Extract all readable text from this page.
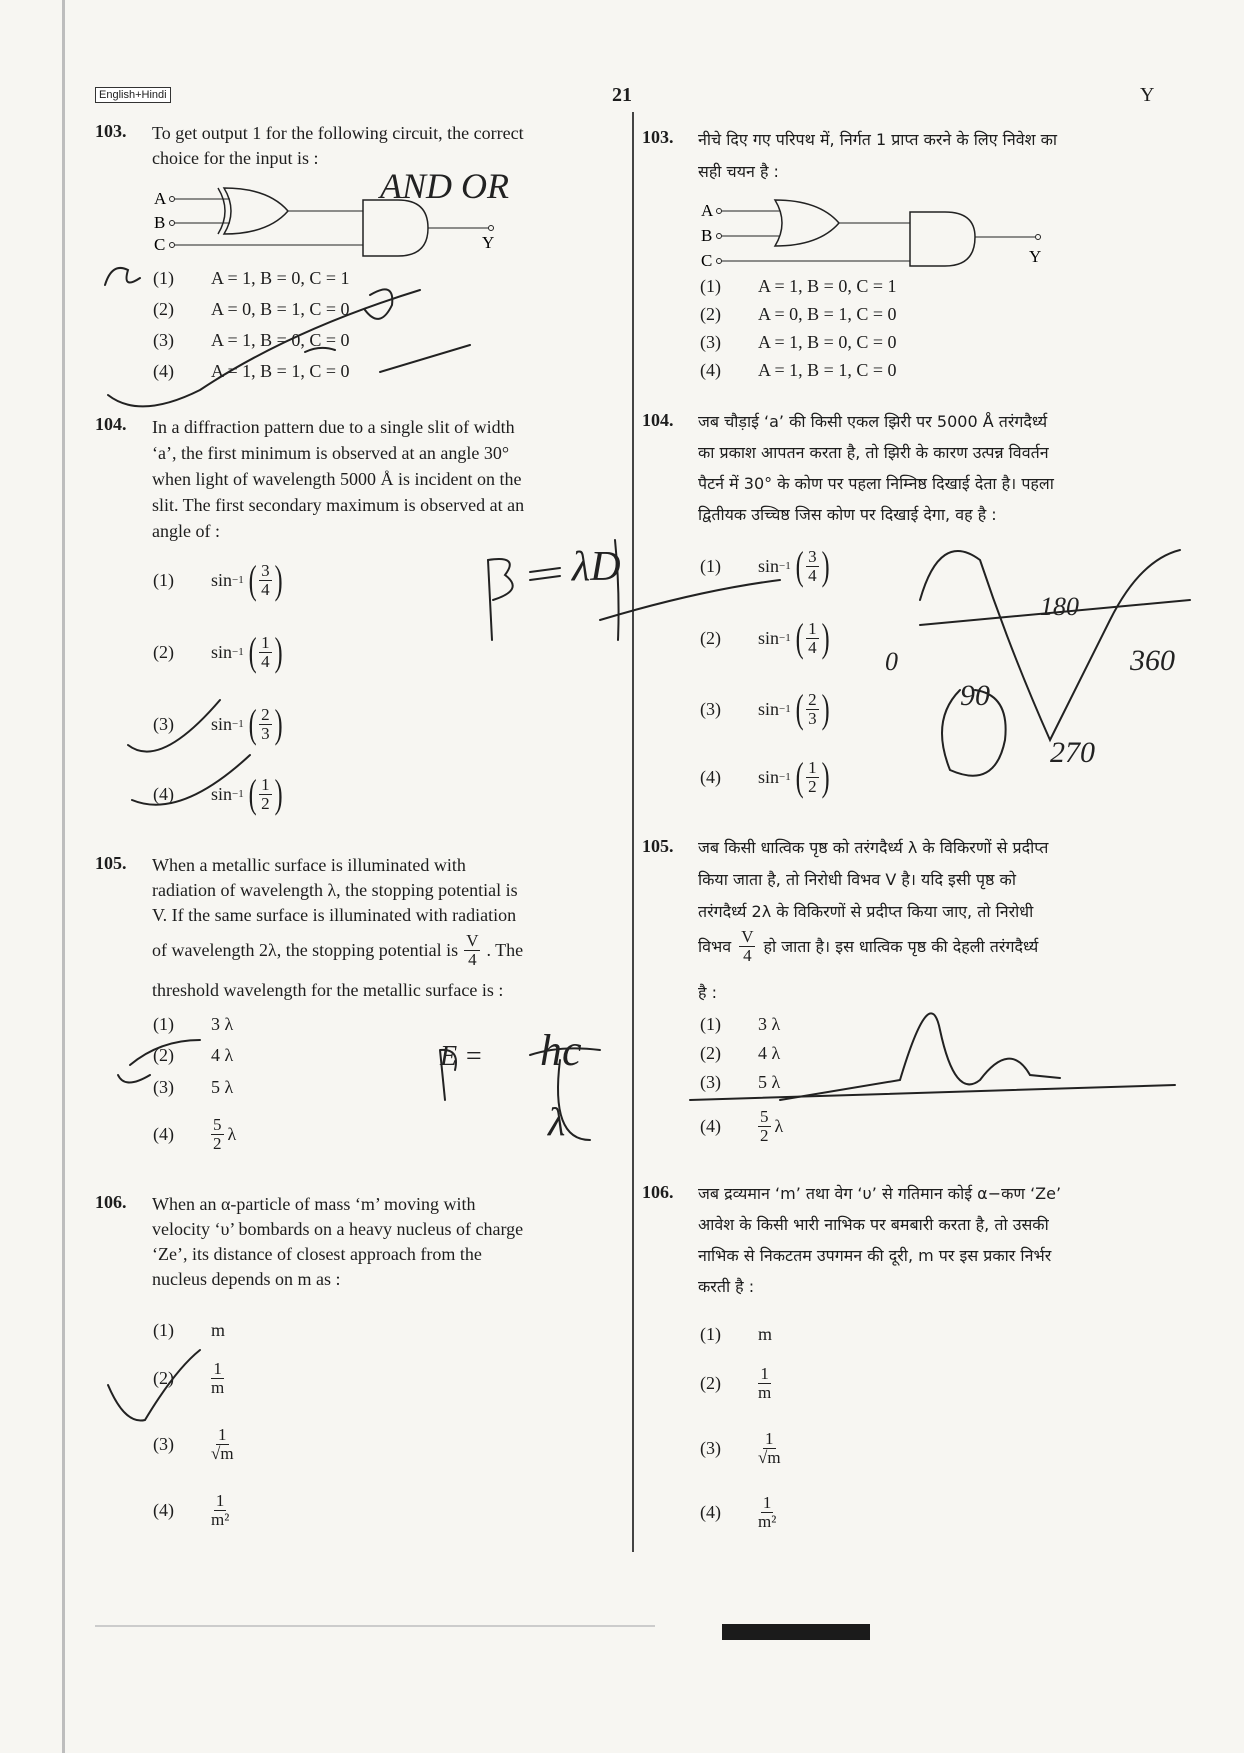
English+Hindi	21	Y
103. To get output 1 for the following circuit, the correct
choice for the input is :
A
B
C	Y
(1)	A = 1, B = 0, C = 1
(2)	A = 0, B = 1, C = 0
(3)	A = 1, B = 0, C = 0
(4)	A = 1, B = 1, C = 0
104. In a diffraction pattern due to a single slit of width
‘a’, the first minimum is observed at an angle 30°
when light of wavelength 5000 Å is incident on the
slit. The first secondary maximum is observed at an
angle of :
(1)	sin −1 ( $\frac{3}{4}$ )
(2)	sin −1 ( $\frac{1}{4}$ )
(3)	sin −1 ( $\frac{2}{3}$ )
(4)	sin −1 ( $\frac{1}{2}$ )
105. When a metallic surface is illuminated with
radiation of wavelength λ, the stopping potential is
V. If the same surface is illuminated with radiation
of wavelength 2λ, the stopping potential is $\frac{V}{4}$ . The
threshold wavelength for the metallic surface is :
(1)	3 λ
(2)	4 λ
(3)	5 λ
(4)	$\frac{5}{2}$ λ
106. When an α-particle of mass ‘m’ moving with
velocity ‘υ’ bombards on a heavy nucleus of charge
‘Ze’, its distance of closest approach from the
nucleus depends on m as :
(1)	m
(2)	$\frac{1}{m}$
(3)	$\frac{1}{√m}$
(4)	$\frac{1}{\text{m²}}$
103. नीचे दिए गए परिपथ में, निर्गत 1 प्राप्त करने के लिए निवेश का
सही चयन है :
A
B
C	Y
(1)	A = 1, B = 0, C = 1
(2)	A = 0, B = 1, C = 0
(3)	A = 1, B = 0, C = 0
(4)	A = 1, B = 1, C = 0
104. जब चौड़ाई ‘a’ की किसी एकल झिरी पर 5000 Å तरंगदैर्ध्य
का प्रकाश आपतन करता है, तो झिरी के कारण उत्पन्न विवर्तन
पैटर्न में 30° के कोण पर पहला निम्निष्ठ दिखाई देता है। पहला
द्वितीयक उच्चिष्ठ जिस कोण पर दिखाई देगा, वह है :
(1)	sin −1 ( $\frac{3}{4}$ )
(2)	sin −1 ( $\frac{1}{4}$ )
(3)	sin −1 ( $\frac{2}{3}$ )
(4)	sin −1 ( $\frac{1}{2}$ )
105. जब किसी धात्विक पृष्ठ को तरंगदैर्ध्य λ के विकिरणों से प्रदीप्त
किया जाता है, तो निरोधी विभव V है। यदि इसी पृष्ठ को
तरंगदैर्ध्य 2λ के विकिरणों से प्रदीप्त किया जाए, तो निरोधी
विभव $\frac{V}{4}$ हो जाता है। इस धात्विक पृष्ठ की देहली तरंगदैर्ध्य
है :
(1)	3 λ
(2)	4 λ
(3)	5 λ
(4)	$\frac{5}{2}$ λ
106. जब द्रव्यमान ‘m’ तथा वेग ‘υ’ से गतिमान कोई α−कण ‘Ze’
आवेश के किसी भारी नाभिक पर बमबारी करता है, तो उसकी
नाभिक से निकटतम उपगमन की दूरी, m पर इस प्रकार निर्भर
करती है :
(1)	m
(2)	$\frac{1}{m}$
(3)	$\frac{1}{√m}$
(4)	$\frac{1}{\text{m²}}$
AND OR
λD
180
90
360
270
0
E = hc
λ
